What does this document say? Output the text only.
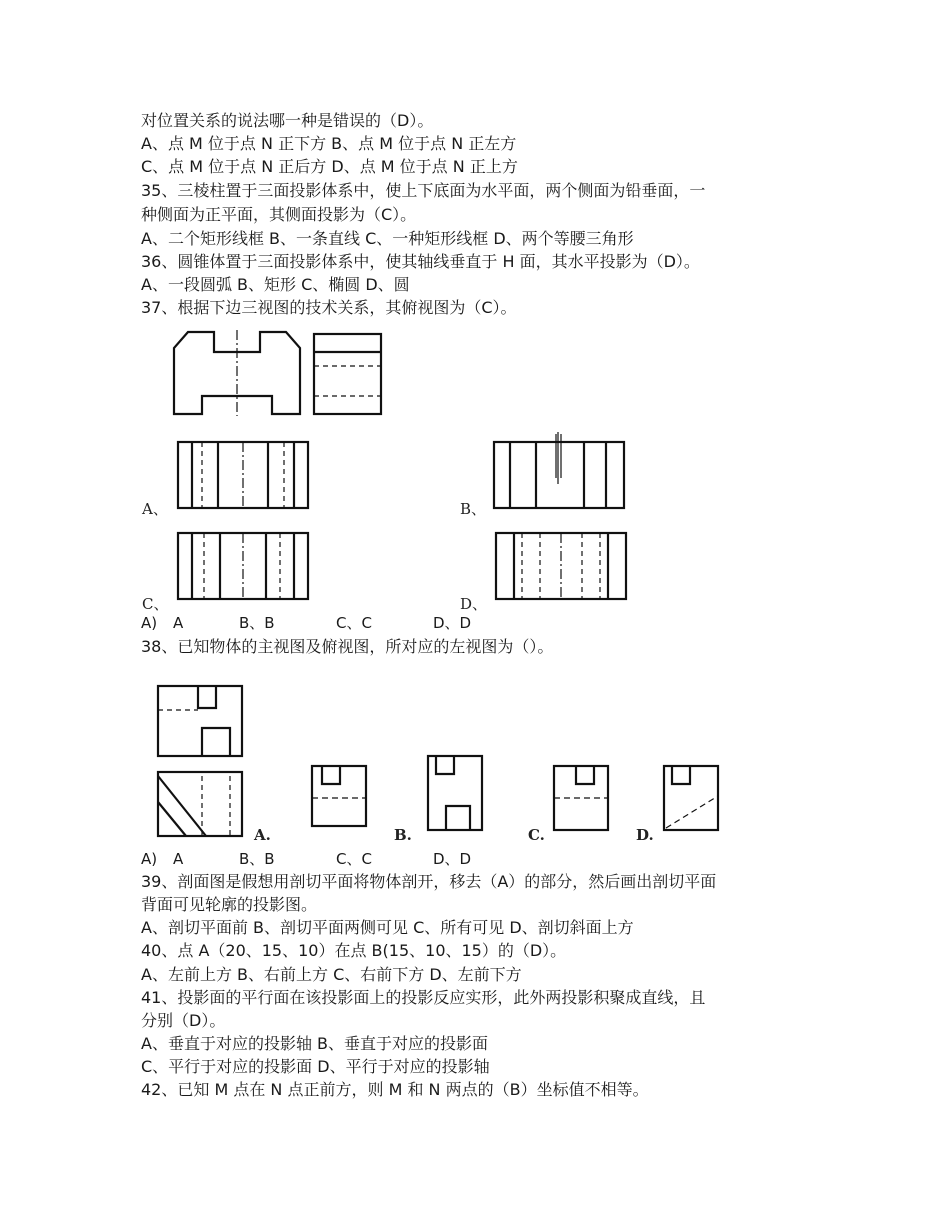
对位置关系的说法哪一种是错误的（D）。
A、点 M 位于点 N 正下方 B、点 M 位于点 N 正左方
C、点 M 位于点 N 正后方 D、点 M 位于点 N 正上方
35、三棱柱置于三面投影体系中，使上下底面为水平面，两个侧面为铅垂面，一
种侧面为正平面，其侧面投影为（C）。
A、二个矩形线框 B、一条直线 C、一种矩形线框 D、两个等腰三角形
36、圆锥体置于三面投影体系中，使其轴线垂直于 H 面，其水平投影为（D）。
A、一段圆弧 B、矩形 C、椭圆 D、圆
37、根据下边三视图的技术关系，其俯视图为（C）。
A、	B、
C、	D、
A) A	B、B	C、C	D、D
38、已知物体的主视图及俯视图，所对应的左视图为（）。
A.	B.	C.	D.
A) A	B、B	C、C	D、D
39、剖面图是假想用剖切平面将物体剖开，移去（A）的部分，然后画出剖切平面
背面可见轮廓的投影图。
A、剖切平面前 B、剖切平面两侧可见 C、所有可见 D、剖切斜面上方
40、点 A（20、15、10）在点 B(15、10、15）的（D）。
A、左前上方 B、右前上方 C、右前下方 D、左前下方
41、投影面的平行面在该投影面上的投影反应实形，此外两投影积聚成直线，且
分别（D）。
A、垂直于对应的投影轴 B、垂直于对应的投影面
C、平行于对应的投影面 D、平行于对应的投影轴
42、已知 M 点在 N 点正前方，则 M 和 N 两点的（B）坐标值不相等。
